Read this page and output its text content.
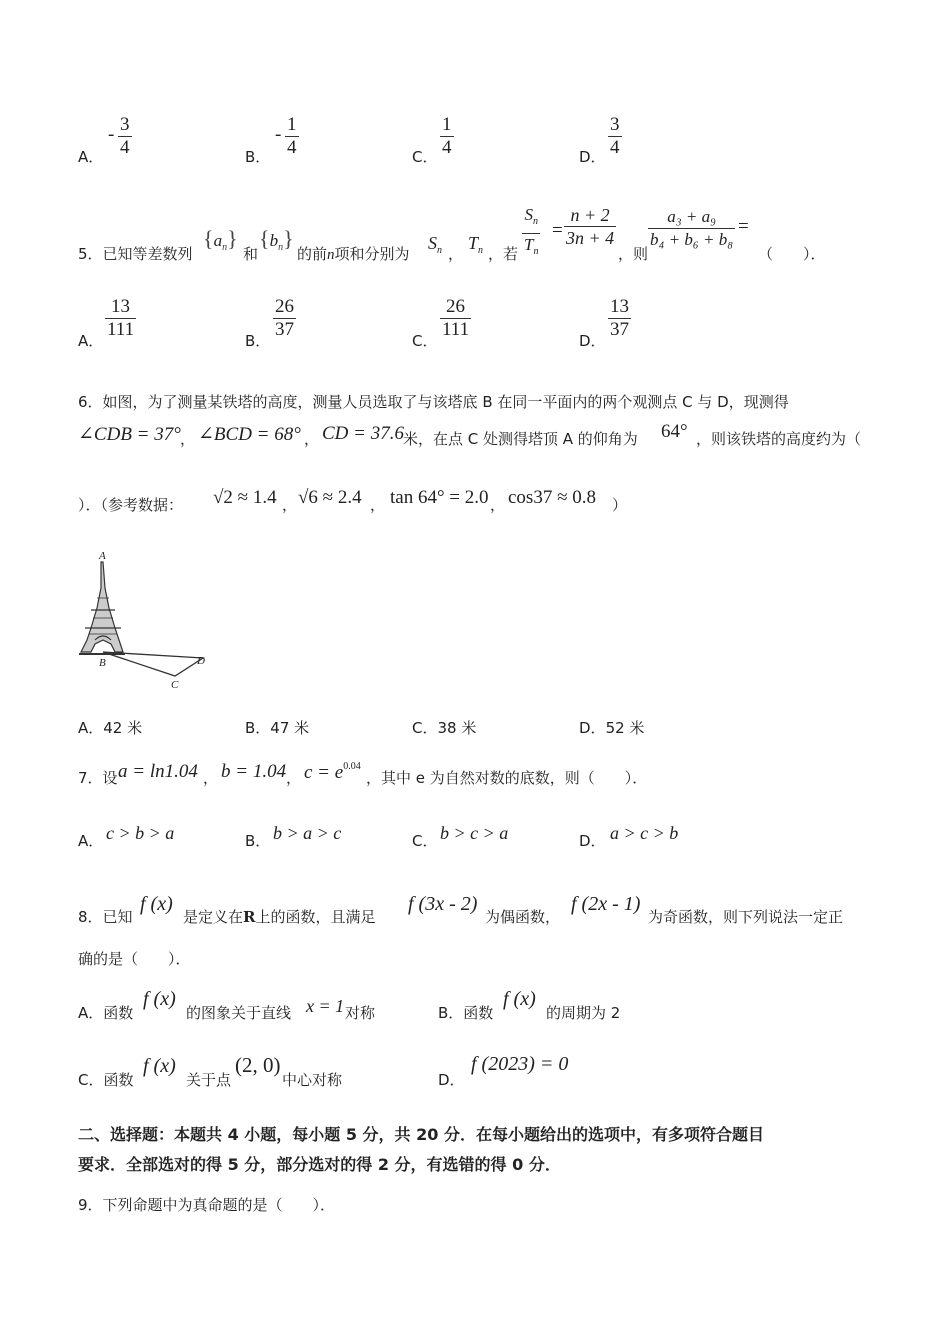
A．
- 3
4	B．
- 1
4	C．
1
4	D．
3
4
5．已知等差数列
$\{a_n\}$
和
$\{b_n\}$
的前n项和分别为
$S_n$ ，
$T_n$ ，若
$S_n$
$T_n$
=
n + 2
3n + 4
，则
a₃ + a₉
b₄ + b₆ + b₈
=
（　　）．
A．
13
111
B．
26
37
C．
26
111
D．
13
37
6．如图，为了测量某铁塔的高度，测量人员选取了与该塔底 B 在同一平面内的两个观测点 C 与 D，现测得
∠CDB = 37° ， ∠BCD = 68° ， CD = 37.6 米，在点 C 处测得塔顶 A 的仰角为 64° ，则该铁塔的高度约为（
）．（参考数据： √2 ≈ 1.4 ， √6 ≈ 2.4 ， tan 64° = 2.0 ， cos37 ≈ 0.8 ）
A
B
C
D
A．42 米	B．47 米	C．38 米	D．52 米
7．设 a = ln1.04 ， b = 1.04 ， $c = e^{0.04}$
，其中 e 为自然对数的底数，则（　　）．
A． c > b > a	B． b > a > c	C． b > c > a	D． a > c > b
8．已知
f (x)
是定义在R上的函数，且满足
f (3x - 2)
为偶函数，
f (2x - 1)
为奇函数，则下列说法一定正
确的是（　　）．
A．函数
f (x)
的图象关于直线 x = 1 对称	B．函数
f (x)
的周期为 2
C．函数
f (x)
关于点
(2, 0)
中心对称	D．
f (2023) = 0
二、选择题：本题共 4 小题，每小题 5 分，共 20 分．在每小题给出的选项中，有多项符合题目
要求．全部选对的得 5 分，部分选对的得 2 分，有选错的得 0 分．
9．下列命题中为真命题的是（　　）．
